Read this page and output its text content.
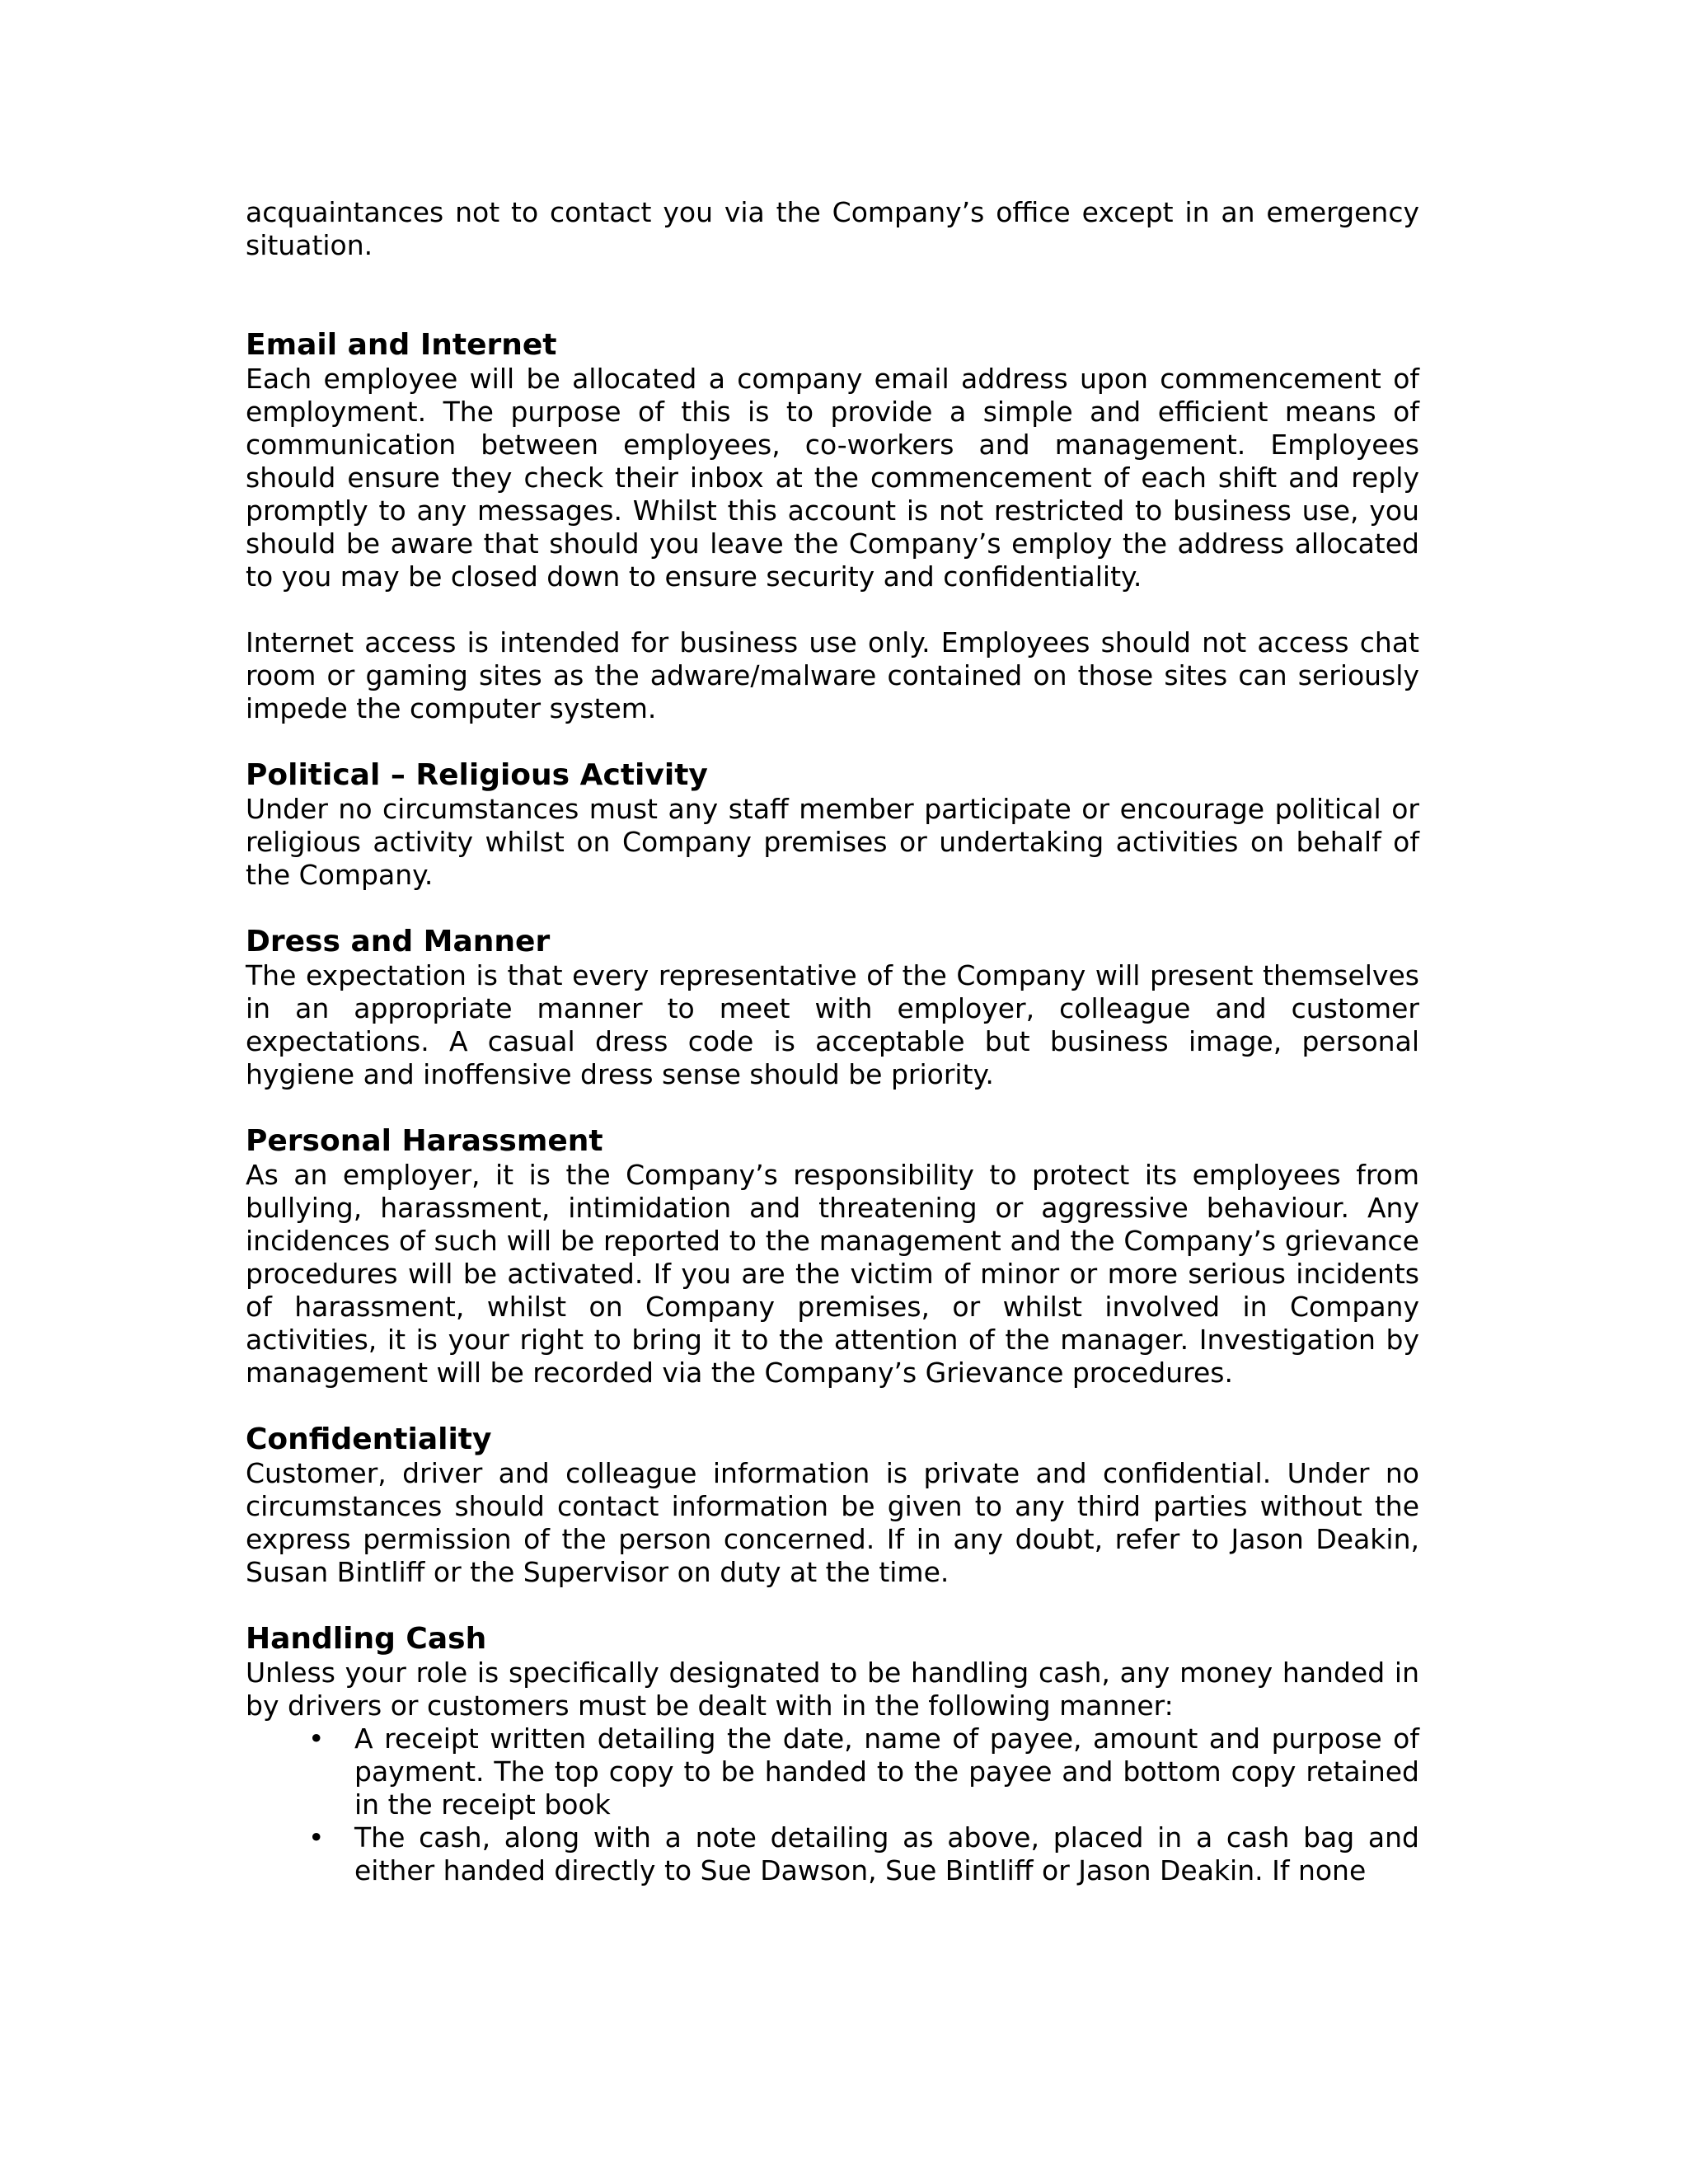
acquaintances not to contact you via the Company’s office except in an emergency situation.

Email and Internet

Each employee will be allocated a company email address upon commencement of employment. The purpose of this is to provide a simple and efficient means of communication between employees, co-workers and management. Employees should ensure they check their inbox at the commencement of each shift and reply promptly to any messages. Whilst this account is not restricted to business use, you should be aware that should you leave the Company’s employ the address allocated to you may be closed down to ensure security and confidentiality.

Internet access is intended for business use only. Employees should not access chat room or gaming sites as the adware/malware contained on those sites can seriously impede the computer system.

Political – Religious Activity

Under no circumstances must any staff member participate or encourage political or religious activity whilst on Company premises or undertaking activities on behalf of the Company.

Dress and Manner

The expectation is that every representative of the Company will present themselves in an appropriate manner to meet with employer, colleague and customer expectations. A casual dress code is acceptable but business image, personal hygiene and inoffensive dress sense should be priority.

Personal Harassment

As an employer, it is the Company’s responsibility to protect its employees from bullying, harassment, intimidation and threatening or aggressive behaviour. Any incidences of such will be reported to the management and the Company’s grievance procedures will be activated. If you are the victim of minor or more serious incidents of harassment, whilst on Company premises, or whilst involved in Company activities, it is your right to bring it to the attention of the manager. Investigation by management will be recorded via the Company’s Grievance procedures.

Confidentiality

Customer, driver and colleague information is private and confidential. Under no circumstances should contact information be given to any third parties without the express permission of the person concerned. If in any doubt, refer to Jason Deakin, Susan Bintliff or the Supervisor on duty at the time.

Handling Cash

Unless your role is specifically designated to be handling cash, any money handed in by drivers or customers must be dealt with in the following manner:

• A receipt written detailing the date, name of payee, amount and purpose of payment. The top copy to be handed to the payee and bottom copy retained in the receipt book
• The cash, along with a note detailing as above, placed in a cash bag and either handed directly to Sue Dawson, Sue Bintliff or Jason Deakin. If none
